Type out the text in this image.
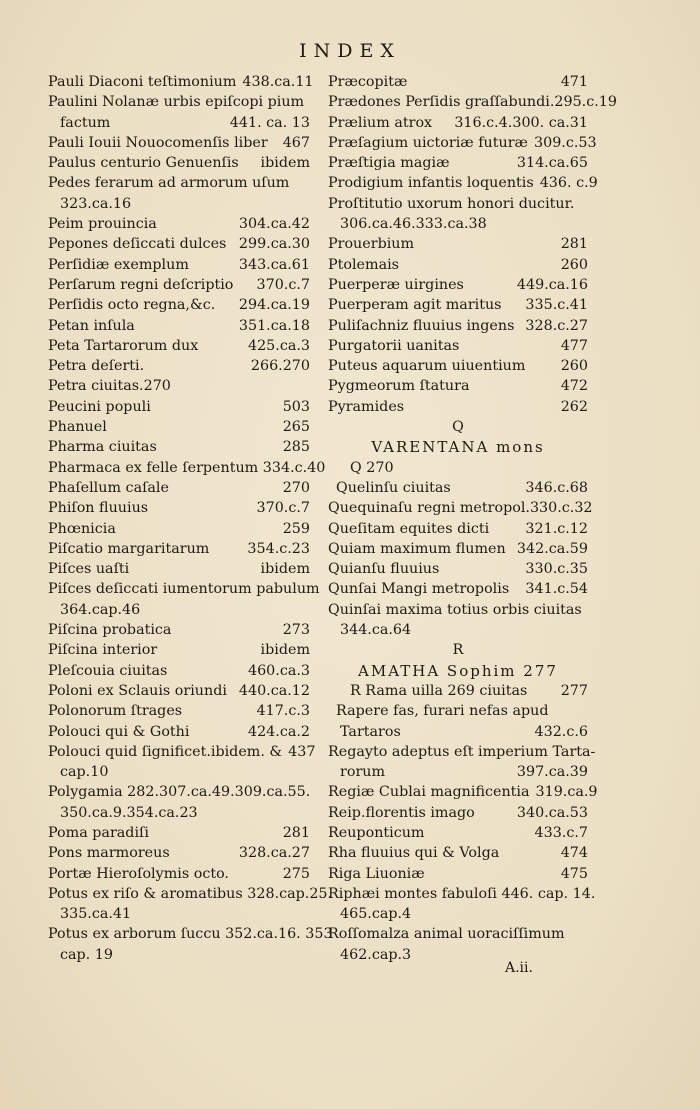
INDEX
Pauli Diaconi teſtimonium 438.ca.11
Paulini Nolanæ urbis epiſcopi pium
factum	441. ca. 13
Pauli Iouii Nouocomenſis liber	467
Paulus centurio Genuenſis	ibidem
Pedes ferarum ad armorum uſum
323.ca.16
Peim prouincia	304.ca.42
Pepones deſiccati dulces 299.ca.30
Perſidiæ exemplum	343.ca.61
Perſarum regni deſcriptio	370.c.7
Perſidis octo regna,&c.	294.ca.19
Petan inſula	351.ca.18
Peta Tartarorum dux	425.ca.3
Petra deſerti.	266.270
Petra ciuitas.270
Peucini populi	503
Phanuel	265
Pharma ciuitas	285
Pharmaca ex felle ſerpentum 334.c.40
Phaſellum caſale	270
Phiſon fluuius	370.c.7
Phœnicia	259
Piſcatio margaritarum	354.c.23
Piſces uaſti	ibidem
Piſces deſiccati iumentorum pabulum
364.cap.46
Piſcina probatica	273
Piſcina interior	ibidem
Pleſcouia ciuitas	460.ca.3
Poloni ex Sclauis oriundi 440.ca.12
Polonorum ſtrages	417.c.3
Polouci qui & Gothi	424.ca.2
Polouci quid ſignificet.ibidem. & 437
cap.10
Polygamia 282.307.ca.49.309.ca.55.
350.ca.9.354.ca.23
Poma paradiſi	281
Pons marmoreus	328.ca.27
Portæ Hieroſolymis octo.	275
Potus ex riſo & aromatibus 328.cap.25.
335.ca.41
Potus ex arborum ſuccu 352.ca.16. 353
cap. 19
Præcopitæ	471
Prædones Perſidis graſſabundi.295.c.19
Prælium atrox	316.c.4.300. ca.31
Præſagium uictoriæ futuræ 309.c.53
Præſtigia magiæ	314.ca.65
Prodigium infantis loquentis 436. c.9
Proſtitutio uxorum honori ducitur.
306.ca.46.333.ca.38
Prouerbium	281
Ptolemais	260
Puerperæ uirgines	449.ca.16
Puerperam agit maritus	335.c.41
Puliſachniz fluuius ingens 328.c.27
Purgatorii uanitas	477
Puteus aquarum uiuentium	260
Pygmeorum ſtatura	472
Pyramides	262
Q
VARENTANA mons
Q 270
Quelinſu ciuitas	346.c.68
Quequinaſu regni metropol.330.c.32
Queſitam equites dicti	321.c.12
Quiam maximum flumen 342.ca.59
Quianſu fluuius	330.c.35
Qunſai Mangi metropolis	341.c.54
Quinſai maxima totius orbis ciuitas
344.ca.64
R
AMATHA Sophim 277
R Rama uilla 269 ciuitas	277
Rapere fas, furari nefas apud
Tartaros	432.c.6
Regayto adeptus eſt imperium Tarta-
rorum	397.ca.39
Regiæ Cublai magnificentia 319.ca.9
Reip.florentis imago	340.ca.53
Reuponticum	433.c.7
Rha fluuius qui & Volga	474
Riga Liuoniæ	475
Riphæi montes fabuloſi 446. cap. 14.
465.cap.4
Roſſomalza animal uoraciſſimum
462.cap.3
A.ii.
